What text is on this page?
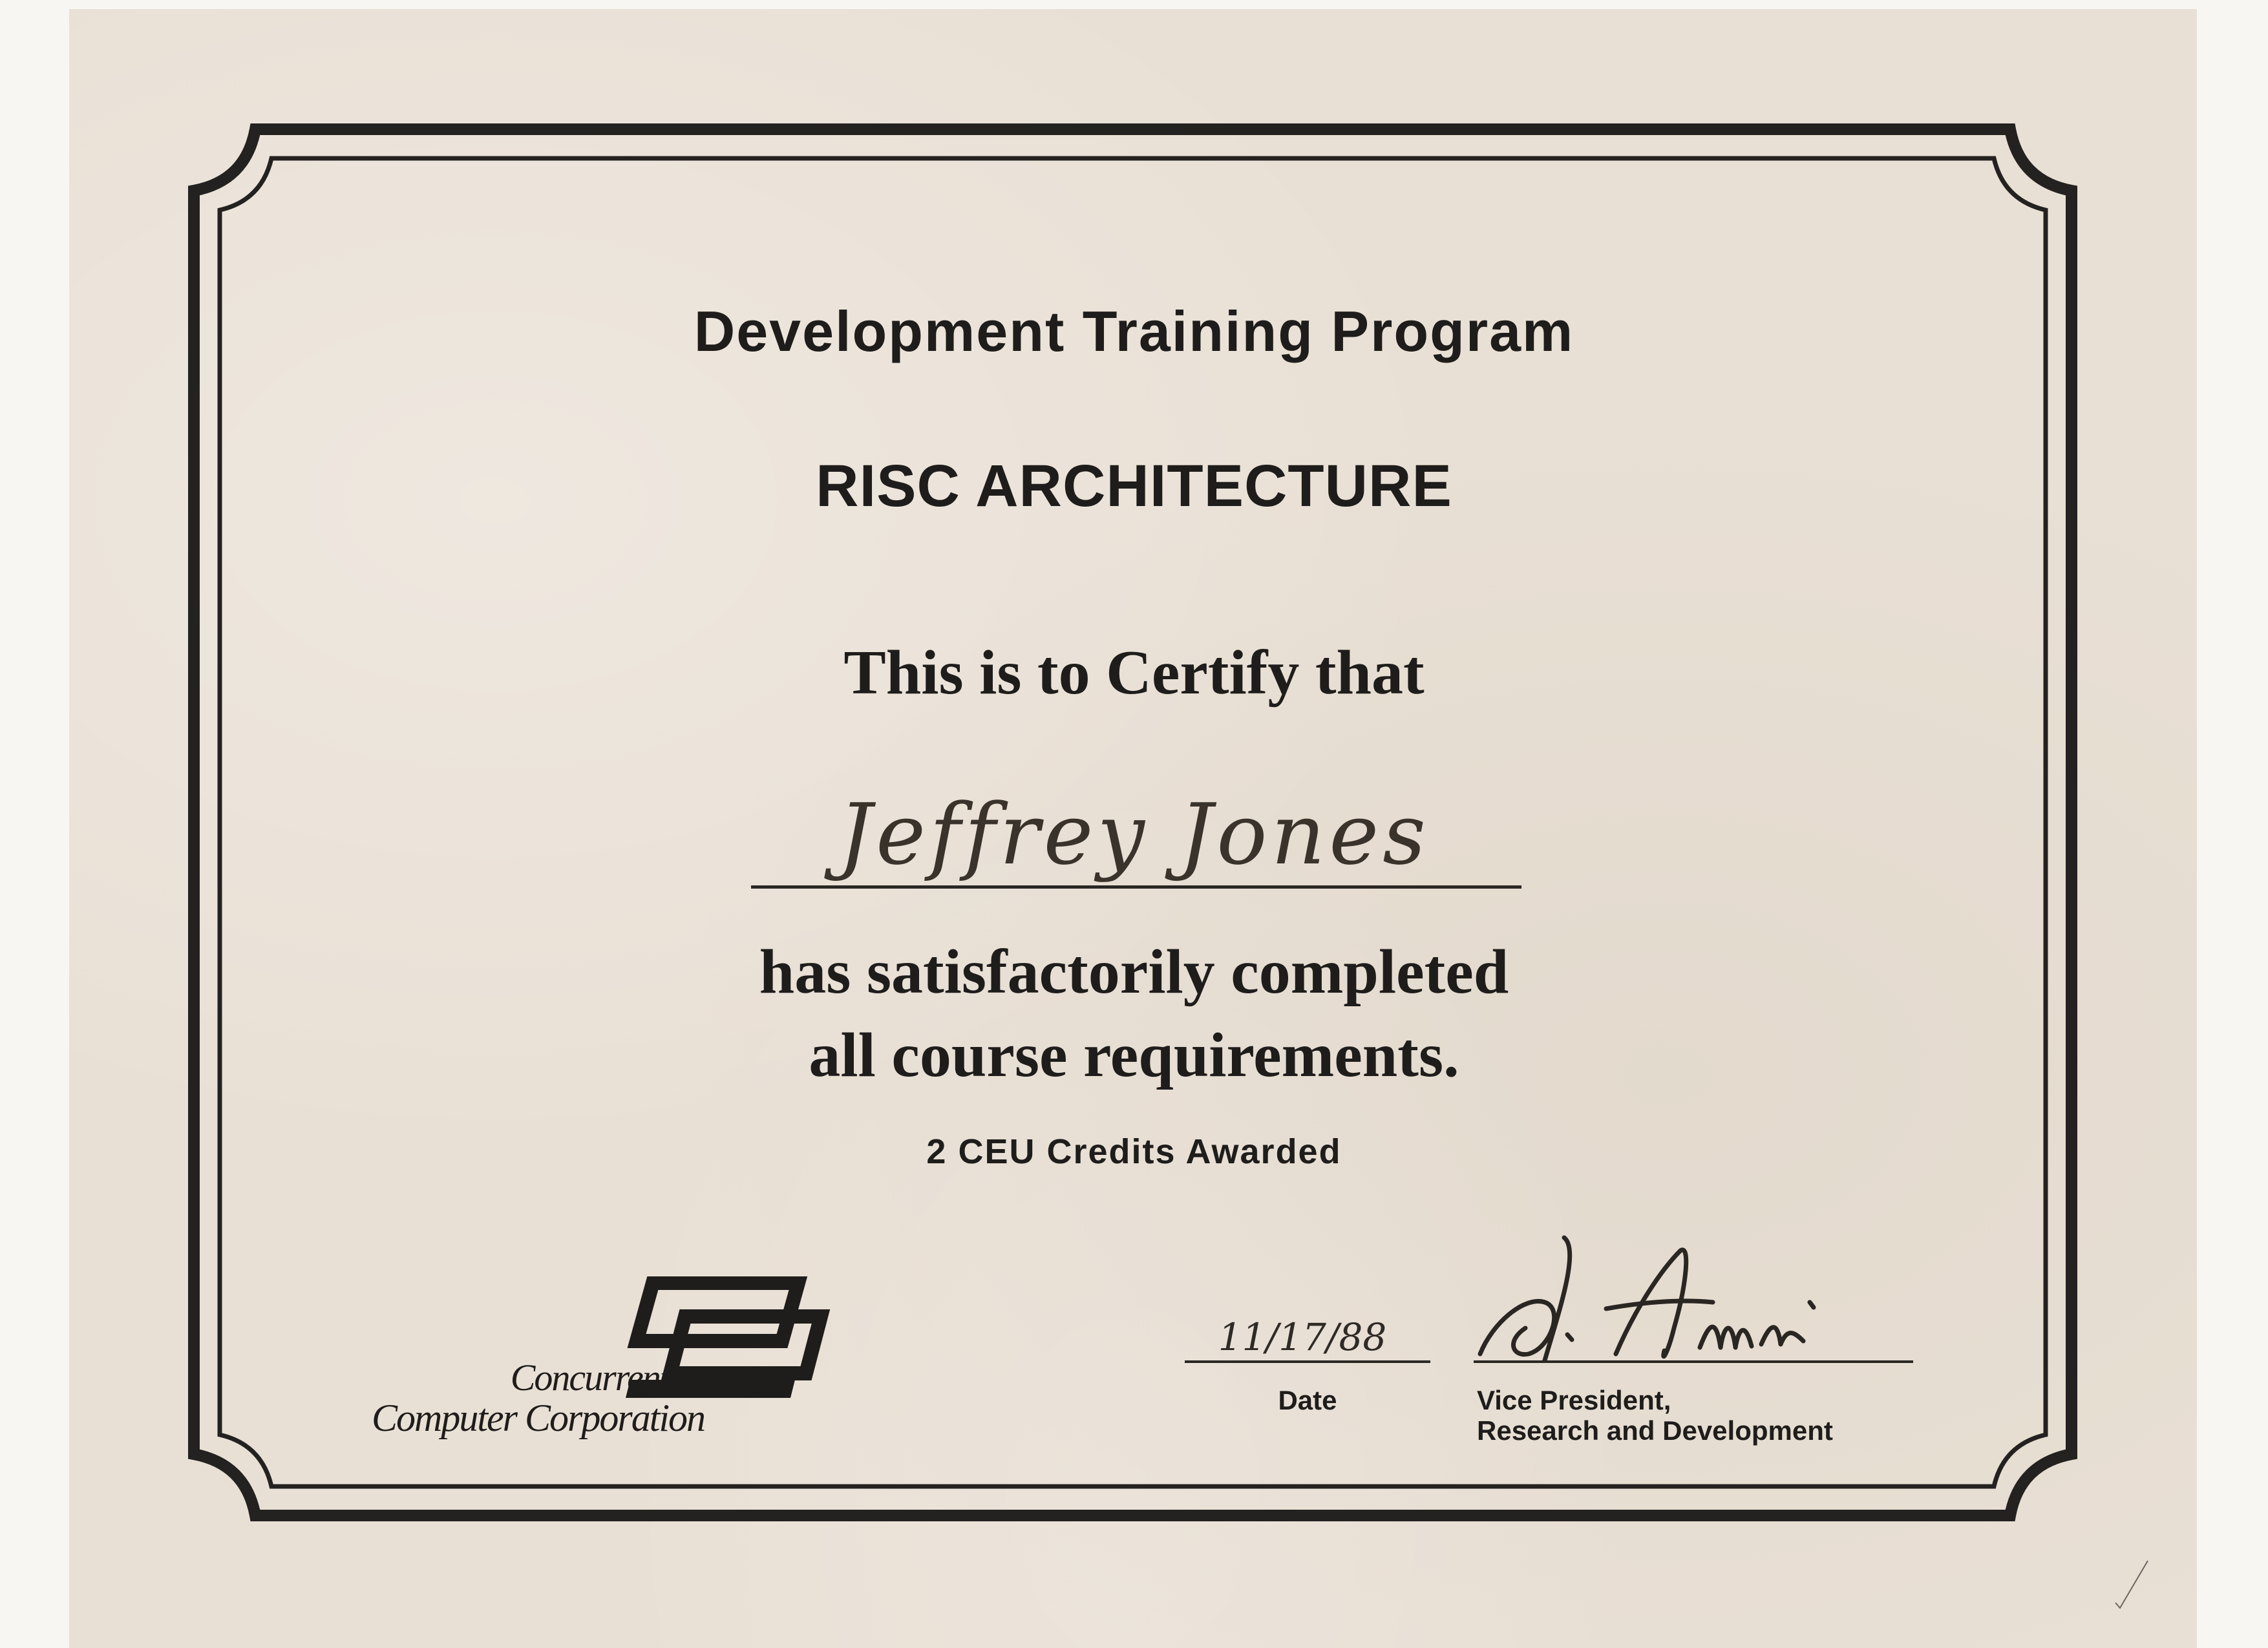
Development Training Program
RISC ARCHITECTURE
This is to Certify that
Jeffrey Jones
has satisfactorily completed
all course requirements.
2 CEU Credits Awarded
Concurrent
Computer Corporation
11/17/88
Date	Vice President,
Research and Development
